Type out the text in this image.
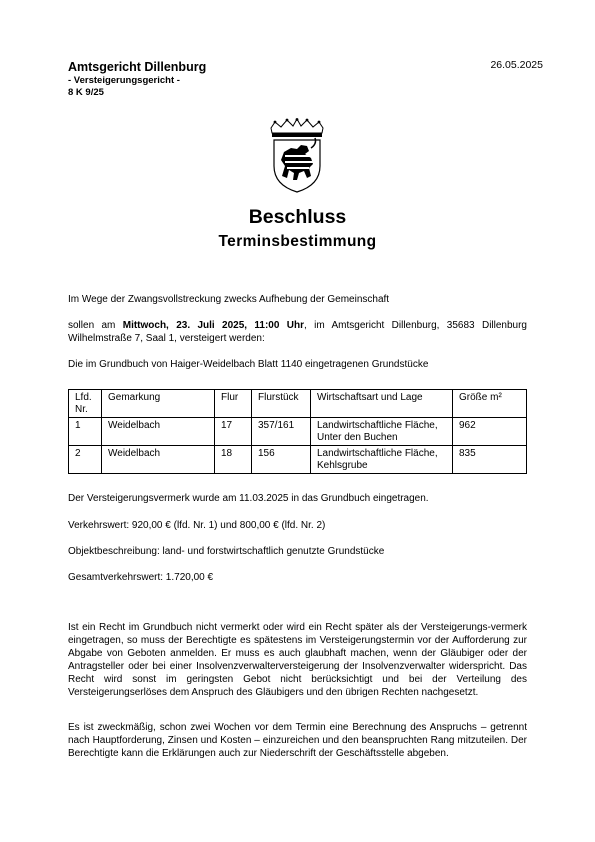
Amtsgericht Dillenburg
- Versteigerungsgericht -
8 K 9/25
26.05.2025
Beschluss
Terminsbestimmung
Im Wege der Zwangsvollstreckung zwecks Aufhebung der Gemeinschaft
sollen am Mittwoch, 23. Juli 2025, 11:00 Uhr, im Amtsgericht Dillenburg, 35683 Dillenburg Wilhelmstraße 7, Saal 1, versteigert werden:
Die im Grundbuch von Haiger-Weidelbach Blatt 1140 eingetragenen Grundstücke
Lfd. Nr.	Gemarkung	Flur	Flurstück	Wirtschaftsart und Lage	Größe m²
1	Weidelbach	17	357/161	Landwirtschaftliche Fläche, Unter den Buchen	962
2	Weidelbach	18	156	Landwirtschaftliche Fläche, Kehlsgrube	835
Der Versteigerungsvermerk wurde am 11.03.2025 in das Grundbuch eingetragen.
Verkehrswert: 920,00 € (lfd. Nr. 1) und 800,00 € (lfd. Nr. 2)
Objektbeschreibung: land- und forstwirtschaftlich genutzte Grundstücke
Gesamtverkehrswert: 1.720,00 €
Ist ein Recht im Grundbuch nicht vermerkt oder wird ein Recht später als der Versteigerungs-vermerk eingetragen, so muss der Berechtigte es spätestens im Versteigerungstermin vor der Aufforderung zur Abgabe von Geboten anmelden. Er muss es auch glaubhaft machen, wenn der Gläubiger oder der Antragsteller oder bei einer Insolvenzverwalterversteigerung der Insolvenzverwalter widerspricht. Das Recht wird sonst im geringsten Gebot nicht berücksichtigt und bei der Verteilung des Versteigerungserlöses dem Anspruch des Gläubigers und den übrigen Rechten nachgesetzt.
Es ist zweckmäßig, schon zwei Wochen vor dem Termin eine Berechnung des Anspruchs – getrennt nach Hauptforderung, Zinsen und Kosten – einzureichen und den beanspruchten Rang mitzuteilen. Der Berechtigte kann die Erklärungen auch zur Niederschrift der Geschäftsstelle abgeben.
